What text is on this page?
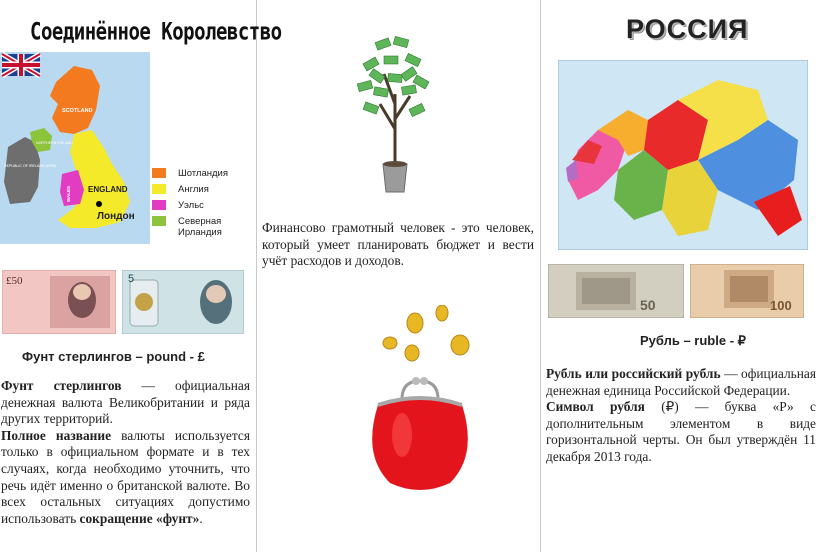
Соединённое Королевство
SCOTLAND
NORTHERN IRELAND
REPUBLIC OF IRELAND (EIRE)
WALES ENGLAND
Лондон
Шотландия
Англия
Уэльс
Северная Ирландия
£50	5
Фунт стерлингов – pound - £

Фунт стерлингов — официальная денежная валюта Великобритании и ряда других территорий.

Полное название валюты используется только в официальном формате и в тех случаях, когда необходимо уточнить, что речь идёт именно о британской валюте. Во всех остальных ситуациях допустимо использовать сокращение «фунт».

Финансово грамотный человек - это человек, который умеет планировать бюджет и вести учёт расходов и доходов.
РОССИЯ
50	100
Рубль – ruble - ₽

Рубль или российский рубль — официальная денежная единица Российской Федерации.

Символ рубля (₽) — буква «Р» с дополнительным элементом в виде горизонтальной черты. Он был утверждён 11 декабря 2013 года.
